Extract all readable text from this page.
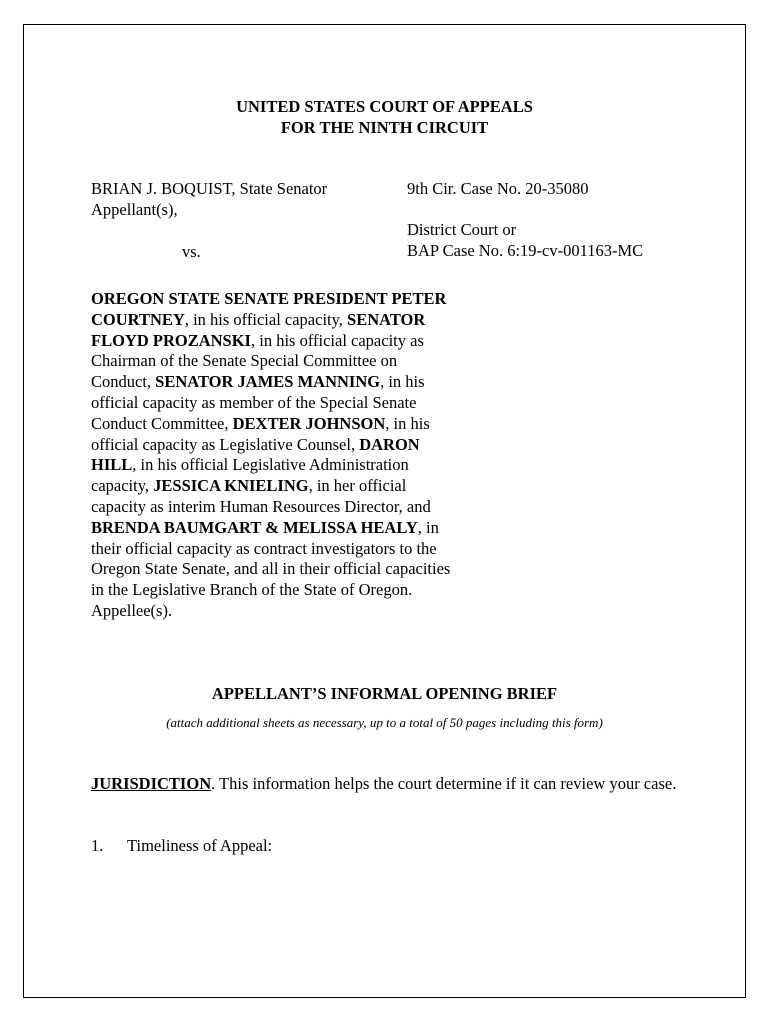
UNITED STATES COURT OF APPEALS
FOR THE NINTH CIRCUIT
BRIAN J. BOQUIST, State Senator
Appellant(s),
vs.
9th Cir. Case No. 20-35080
District Court or
BAP Case No. 6:19-cv-001163-MC
OREGON STATE SENATE PRESIDENT PETER COURTNEY, in his official capacity, SENATOR FLOYD PROZANSKI, in his official capacity as Chairman of the Senate Special Committee on Conduct, SENATOR JAMES MANNING, in his official capacity as member of the Special Senate Conduct Committee, DEXTER JOHNSON, in his official capacity as Legislative Counsel, DARON HILL, in his official Legislative Administration capacity, JESSICA KNIELING, in her official capacity as interim Human Resources Director, and BRENDA BAUMGART & MELISSA HEALY, in their official capacity as contract investigators to the Oregon State Senate, and all in their official capacities in the Legislative Branch of the State of Oregon.
Appellee(s).
APPELLANT’S INFORMAL OPENING BRIEF
(attach additional sheets as necessary, up to a total of 50 pages including this form)
JURISDICTION. This information helps the court determine if it can review your case.
1. Timeliness of Appeal:
